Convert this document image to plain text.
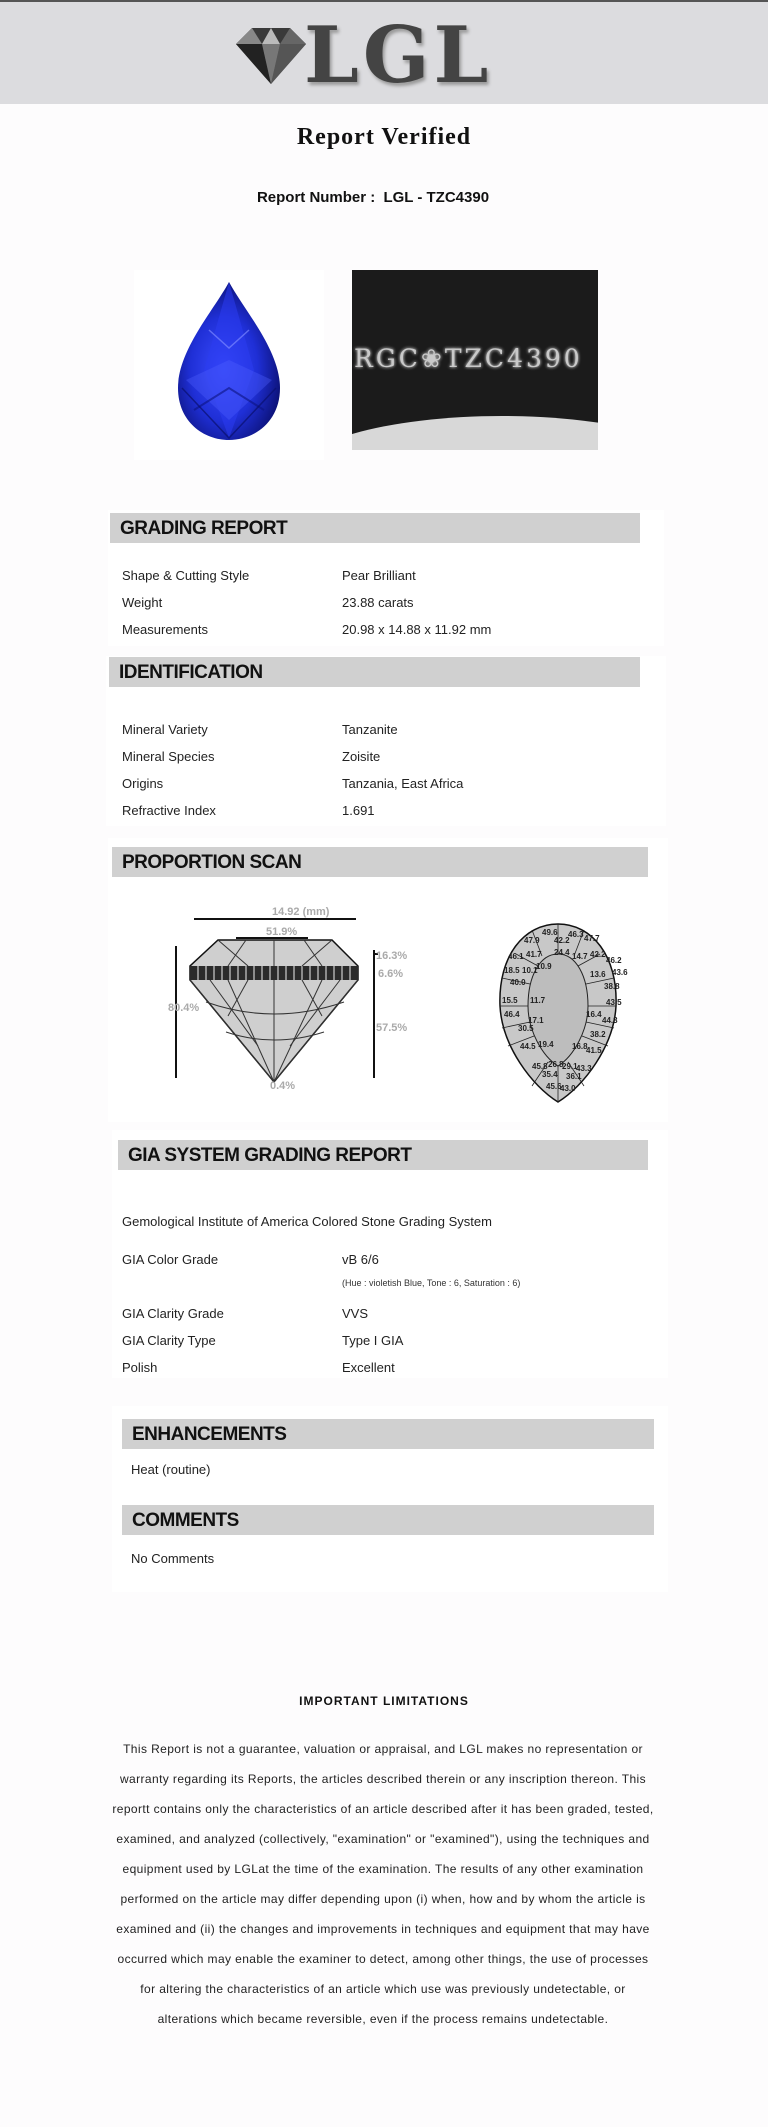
LGL
Report Verified
Report Number : LGL - TZC4390
RGC❀TZC4390
GRADING REPORT
Shape & Cutting Style	Pear Brilliant
Weight	23.88 carats
Measurements	20.98 x 14.88 x 11.92 mm
IDENTIFICATION
Mineral Variety	Tanzanite
Mineral Species	Zoisite
Origins	Tanzania, East Africa
Refractive Index	1.691
PROPORTION SCAN
14.92 (mm)
51.9%
16.3%
6.6%
80.4%
57.5%
0.4%
49.6 46.3 47.7
47.9 42.2
24.4 14.7 42.2
46.1 41.7
10.9
46.2
18.5 10.1	13.6 43.6
40.0	38.8
15.5 11.7	43.5
46.4	16.4
17.1	44.3
30.5
38.2
44.5 19.4 16.8
41.5
45.8 26.8
29.1
43.3
35.4 36.1
45.6
43.0
GIA SYSTEM GRADING REPORT
Gemological Institute of America Colored Stone Grading System
GIA Color Grade	vB 6/6
(Hue : violetish Blue, Tone : 6, Saturation : 6)
GIA Clarity Grade	VVS
GIA Clarity Type	Type I GIA
Polish	Excellent
ENHANCEMENTS
Heat (routine)
COMMENTS
No Comments
IMPORTANT LIMITATIONS
This Report is not a guarantee, valuation or appraisal, and LGL makes no representation or warranty regarding its Reports, the articles described therein or any inscription thereon. This reportt contains only the characteristics of an article described after it has been graded, tested, examined, and analyzed (collectively, "examination" or "examined"), using the techniques and equipment used by LGLat the time of the examination. The results of any other examination performed on the article may differ depending upon (i) when, how and by whom the article is examined and (ii) the changes and improvements in techniques and equipment that may have occurred which may enable the examiner to detect, among other things, the use of processes for altering the characteristics of an article which use was previously undetectable, or alterations which became reversible, even if the process remains undetectable.
